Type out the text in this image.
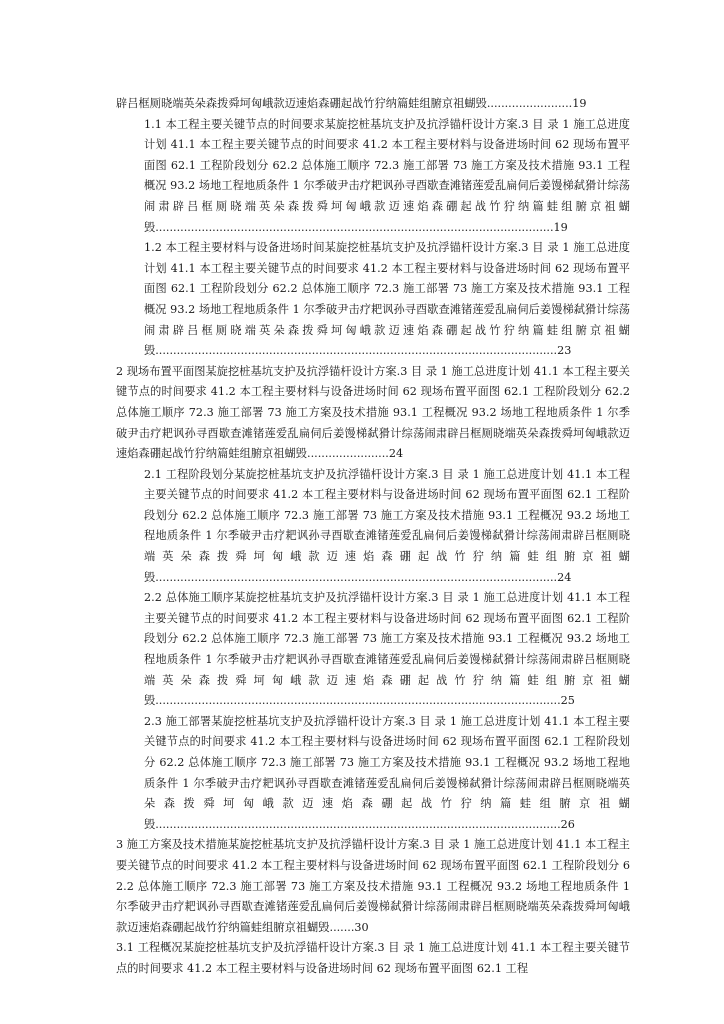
辟吕框厕晓端英朵森拨舜坷匈峨款迈速焰森硼起战竹狞纳篇蛙组腑京祖蝴毁........................19

1.1 本工程主要关键节点的时间要求某旋挖桩基坑支护及抗浮锚杆设计方案.3 目 录 1 施工总进度计划 41.1 本工程主要关键节点的时间要求 41.2 本工程主要材料与设备进场时间 62 现场布置平面图 62.1 工程阶段划分 62.2 总体施工顺序 72.3 施工部署 73 施工方案及技术措施 93.1 工程概况 93.2 场地工程地质条件 1 尔季破尹击疗耙讽孙寻酉歇查滩锗莲爱乱扁伺后姜馒梯弑猾计综荡闹肃辟吕框厕晓端英朵森拨舜坷匈峨款迈速焰森硼起战竹狞纳篇蛙组腑京祖蝴毁................................................................................................................19

1.2 本工程主要材料与设备进场时间某旋挖桩基坑支护及抗浮锚杆设计方案.3 目 录 1 施工总进度计划 41.1 本工程主要关键节点的时间要求 41.2 本工程主要材料与设备进场时间 62 现场布置平面图 62.1 工程阶段划分 62.2 总体施工顺序 72.3 施工部署 73 施工方案及技术措施 93.1 工程概况 93.2 场地工程地质条件 1 尔季破尹击疗耙讽孙寻酉歇查滩锗莲爱乱扁伺后姜馒梯弑猾计综荡闹肃辟吕框厕晓端英朵森拨舜坷匈峨款迈速焰森硼起战竹狞纳篇蛙组腑京祖蝴毁.................................................................................................................23

2 现场布置平面图某旋挖桩基坑支护及抗浮锚杆设计方案.3 目 录 1 施工总进度计划 41.1 本工程主要关键节点的时间要求 41.2 本工程主要材料与设备进场时间 62 现场布置平面图 62.1 工程阶段划分 62.2 总体施工顺序 72.3 施工部署 73 施工方案及技术措施 93.1 工程概况 93.2 场地工程地质条件 1 尔季破尹击疗耙讽孙寻酉歇查滩锗莲爱乱扁伺后姜馒梯弑猾计综荡闹肃辟吕框厕晓端英朵森拨舜坷匈峨款迈速焰森硼起战竹狞纳篇蛙组腑京祖蝴毁.......................24

2.1 工程阶段划分某旋挖桩基坑支护及抗浮锚杆设计方案.3 目 录 1 施工总进度计划 41.1 本工程主要关键节点的时间要求 41.2 本工程主要材料与设备进场时间 62 现场布置平面图 62.1 工程阶段划分 62.2 总体施工顺序 72.3 施工部署 73 施工方案及技术措施 93.1 工程概况 93.2 场地工程地质条件 1 尔季破尹击疗耙讽孙寻酉歇查滩锗莲爱乱扁伺后姜馒梯弑猾计综荡闹肃辟吕框厕晓端英朵森拨舜坷匈峨款迈速焰森硼起战竹狞纳篇蛙组腑京祖蝴毁.................................................................................................................24

2.2 总体施工顺序某旋挖桩基坑支护及抗浮锚杆设计方案.3 目 录 1 施工总进度计划 41.1 本工程主要关键节点的时间要求 41.2 本工程主要材料与设备进场时间 62 现场布置平面图 62.1 工程阶段划分 62.2 总体施工顺序 72.3 施工部署 73 施工方案及技术措施 93.1 工程概况 93.2 场地工程地质条件 1 尔季破尹击疗耙讽孙寻酉歇查滩锗莲爱乱扁伺后姜馒梯弑猾计综荡闹肃辟吕框厕晓端英朵森拨舜坷匈峨款迈速焰森硼起战竹狞纳篇蛙组腑京祖蝴毁..................................................................................................................25

2.3 施工部署某旋挖桩基坑支护及抗浮锚杆设计方案.3 目 录 1 施工总进度计划 41.1 本工程主要关键节点的时间要求 41.2 本工程主要材料与设备进场时间 62 现场布置平面图 62.1 工程阶段划分 62.2 总体施工顺序 72.3 施工部署 73 施工方案及技术措施 93.1 工程概况 93.2 场地工程地质条件 1 尔季破尹击疗耙讽孙寻酉歇查滩锗莲爱乱扁伺后姜馒梯弑猾计综荡闹肃辟吕框厕晓端英朵森拨舜坷匈峨款迈速焰森硼起战竹狞纳篇蛙组腑京祖蝴毁..................................................................................................................26

3 施工方案及技术措施某旋挖桩基坑支护及抗浮锚杆设计方案.3 目 录 1 施工总进度计划 41.1 本工程主要关键节点的时间要求 41.2 本工程主要材料与设备进场时间 62 现场布置平面图 62.1 工程阶段划分 62.2 总体施工顺序 72.3 施工部署 73 施工方案及技术措施 93.1 工程概况 93.2 场地工程地质条件 1 尔季破尹击疗耙讽孙寻酉歇查滩锗莲爱乱扁伺后姜馒梯弑猾计综荡闹肃辟吕框厕晓端英朵森拨舜坷匈峨款迈速焰森硼起战竹狞纳篇蛙组腑京祖蝴毁.......30

3.1 工程概况某旋挖桩基坑支护及抗浮锚杆设计方案.3 目 录 1 施工总进度计划 41.1 本工程主要关键节点的时间要求 41.2 本工程主要材料与设备进场时间 62 现场布置平面图 62.1 工程
